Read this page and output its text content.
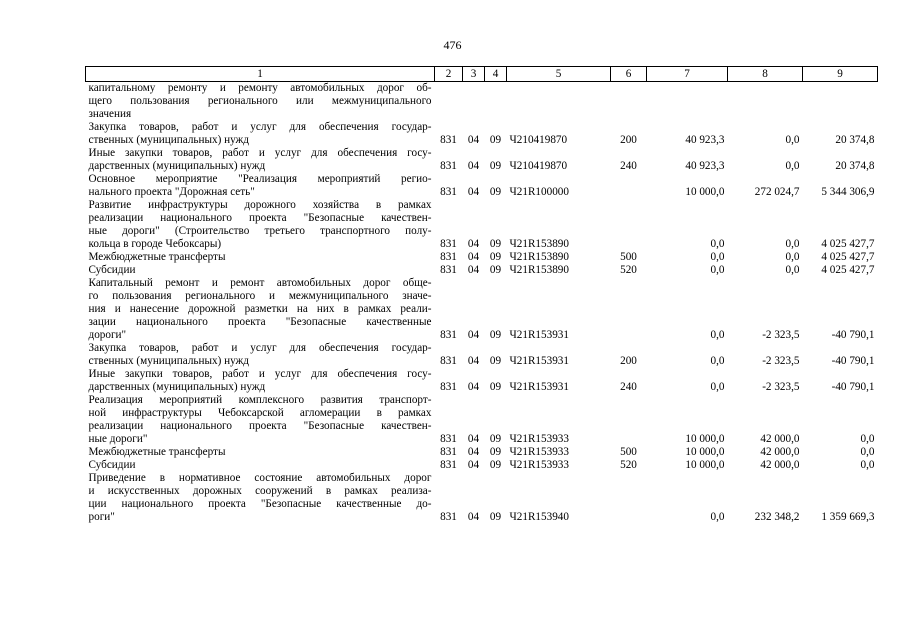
476
1	2	3	4	5	6	7	8	9

капитальному ремонту и ремонту автомобильных дорог об-
щего пользования регионального или межмуниципального
значения								

Закупка товаров, работ и услуг для обеспечения государ-
ственных (муниципальных) нужд	831	04	09	Ч210419870	200	40 923,3	0,0	20 374,8

Иные закупки товаров, работ и услуг для обеспечения госу-
дарственных (муниципальных) нужд	831	04	09	Ч210419870	240	40 923,3	0,0	20 374,8

Основное мероприятие "Реализация мероприятий регио-
нального проекта "Дорожная сеть"	831	04	09	Ч21R100000		10 000,0	272 024,7	5 344 306,9

Развитие инфраструктуры дорожного хозяйства в рамках
реализации национального проекта "Безопасные качествен-
ные дороги" (Строительство третьего транспортного полу-
кольца в городе Чебоксары)	831	04	09	Ч21R153890		0,0	0,0	4 025 427,7

Межбюджетные трансферты	831	04	09	Ч21R153890	500	0,0	0,0	4 025 427,7

Субсидии	831	04	09	Ч21R153890	520	0,0	0,0	4 025 427,7

Капитальный ремонт и ремонт автомобильных дорог обще-
го пользования регионального и межмуниципального значе-
ния и нанесение дорожной разметки на них в рамках реали-
зации национального проекта "Безопасные качественные
дороги"	831	04	09	Ч21R153931		0,0	-2 323,5	-40 790,1

Закупка товаров, работ и услуг для обеспечения государ-
ственных (муниципальных) нужд	831	04	09	Ч21R153931	200	0,0	-2 323,5	-40 790,1

Иные закупки товаров, работ и услуг для обеспечения госу-
дарственных (муниципальных) нужд	831	04	09	Ч21R153931	240	0,0	-2 323,5	-40 790,1

Реализация мероприятий комплексного развития транспорт-
ной инфраструктуры Чебоксарской агломерации в рамках
реализации национального проекта "Безопасные качествен-
ные дороги"	831	04	09	Ч21R153933		10 000,0	42 000,0	0,0

Межбюджетные трансферты	831	04	09	Ч21R153933	500	10 000,0	42 000,0	0,0

Субсидии	831	04	09	Ч21R153933	520	10 000,0	42 000,0	0,0

Приведение в нормативное состояние автомобильных дорог
и искусственных дорожных сооружений в рамках реализа-
ции национального проекта "Безопасные качественные до-
роги"	831	04	09	Ч21R153940		0,0	232 348,2	1 359 669,3
